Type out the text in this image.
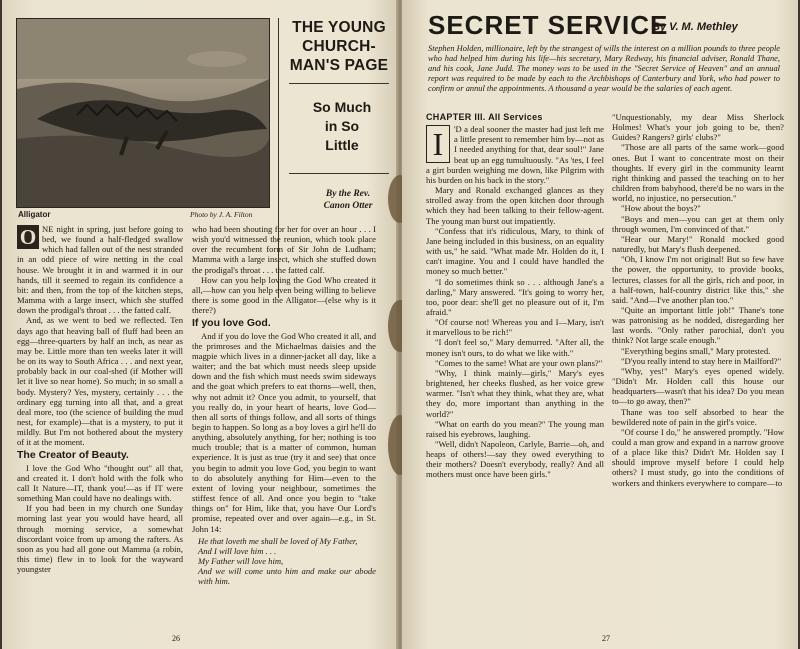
Alligator	Photo by J. A. Filton
THE YOUNG CHURCH-MAN'S PAGE
So Much in So Little
By the Rev. Canon Otter
O NE night in spring, just before going to bed, we found a half-fledged swallow which had fallen out of the nest stranded in an odd piece of wire netting in the coal house. We brought it in and warmed it in our hands, till it seemed to regain its confidence a bit: and then, from the top of the kitchen steps, Mamma with a large insect, which she stuffed down the prodigal's throat . . . the fatted calf.

And, as we went to bed we reflected. Ten days ago that heaving ball of fluff had been an egg—three-quarters by half an inch, as near as may be. Little more than ten weeks later it will be on its way to South Africa . . . and next year, probably back in our coal-shed (if Mother will let it live so near home). So much; in so small a body. Mystery? Yes, mystery, certainly . . . the ordinary egg turning into all that, and a great deal more, too (the science of building the mud nest, for example)—that is a mystery, to put it mildly. But I'm not bothered about the mystery of it at the moment.

The Creator of Beauty.

I love the God Who "thought out" all that, and created it. I don't hold with the folk who call It Nature—IT, thank you!—as if IT were something Man could have no dealings with.

If you had been in my church one Sunday morning last year you would have heard, all through morning service, a somewhat discordant voice from up among the rafters. As soon as you had all gone out Mamma (a robin, this time) flew in to look for the wayward youngster

who had been shouting for her for over an hour . . . I wish you'd witnessed the reunion, which took place over the recumbent form of Sir John de Ludham; Mamma with a large insect, which she stuffed down the prodigal's throat . . . the fatted calf.

How can you help loving the God Who created it all,—how can you help even being willing to believe there is some good in the Alligator—(else why is it there?)

If you love God.

And if you do love the God Who created it all, and the primroses and the Michaelmas daisies and the magpie which lives in a dinner-jacket all day, like a waiter; and the bat which must needs sleep upside down and the fish which must needs swim sideways and the goat which prefers to eat thorns—well, then, why not admit it? Once you admit, to yourself, that you really do, in your heart of hearts, love God—then all sorts of things follow, and all sorts of things begin to happen. So long as a boy loves a girl he'll do anything, absolutely anything, for her; nothing is too much trouble; that is a matter of common, human experience. It is just as true (try it and see) that once you begin to admit you love God, you begin to want to do absolutely anything for Him—even to the extent of loving your neighbour, sometimes the stiffest fence of all. And once you begin to "take things on" for Him, like that, you have Our Lord's promise, repeated over and over again—e.g., in St. John 14:

He that loveth me shall be loved of My Father,
And I will love him . . .
My Father will love him,
And we will come unto him and make our abode with him.
26
SECRET SERVICE
By V. M. Methley
Stephen Holden, millionaire, left by the strangest of wills the interest on a million pounds to three people who had helped him during his life—his secretary, Mary Redway, his financial adviser, Ronald Thane, and his cook, Jane Judd. The money was to be used in the "Secret Service of Heaven" and an annual report was required to be made by each to the Archbishops of Canterbury and York, who had power to confirm or annul the appointments. A thousand a year would be the salaries of each agent.
CHAPTER III. All Services
I	'D a deal sooner the master had just left me a little present to remember him by—not as I needed anything for that, dear soul!" Jane beat up an egg tumultuously. "As 'tes, I feel a girt burden weighing me down, like Pilgrim with his burden on his back in the story."

Mary and Ronald exchanged glances as they strolled away from the open kitchen door through which they had been talking to their fellow-agent. The young man burst out impatiently.

"Confess that it's ridiculous, Mary, to think of Jane being included in this business, on an equality with us," he said. "What made Mr. Holden do it, I can't imagine. You and I could have handled the money so much better."

"I do sometimes think so . . . although Jane's a darling," Mary answered. "It's going to worry her, too, poor dear: she'll get no pleasure out of it, I'm afraid."

"Of course not! Whereas you and I—Mary, isn't it marvellous to be rich!"

"I don't feel so," Mary demurred. "After all, the money isn't ours, to do what we like with."

"Comes to the same! What are your own plans?"

"Why, I think mainly—girls," Mary's eyes brightened, her cheeks flushed, as her voice grew warmer. "Isn't what they think, what they are, what they do, more important than anything in the world?"

"What on earth do you mean?" The young man raised his eyebrows, laughing.

"Well, didn't Napoleon, Carlyle, Barrie—oh, and heaps of others!—say they owed everything to their mothers? Doesn't everybody, really? And all mothers must once have been girls."

"Unquestionably, my dear Miss Sherlock Holmes! What's your job going to be, then? Guides? Rangers? girls' clubs?"

"Those are all parts of the same work—good ones. But I want to concentrate most on their thoughts. If every girl in the community learnt right thinking and passed the teaching on to her children from babyhood, there'd be no wars in the world, no injustice, no persecution."

"How about the boys?"

"Boys and men—you can get at them only through women, I'm convinced of that."

"Hear our Mary!" Ronald mocked good naturedly, but Mary's flush deepened.

"Oh, I know I'm not original! But so few have the power, the opportunity, to provide books, lectures, classes for all the girls, rich and poor, in a half-town, half-country district like this," she said. "And—I've another plan too."

"Quite an important little job!" Thane's tone was patronising as he nodded, disregarding her last words. "Only rather parochial, don't you think? Not large scale enough."

"Everything begins small," Mary protested.

"D'you really intend to stay here in Mailford?"

"Why, yes!" Mary's eyes opened widely. "Didn't Mr. Holden call this house our headquarters—wasn't that his idea? Do you mean to—to go away, then?"

Thane was too self absorbed to hear the bewildered note of pain in the girl's voice.

"Of course I do," he answered promptly. "How could a man grow and expand in a narrow groove of a place like this? Didn't Mr. Holden say I should improve myself before I could help others? I must study, go into the conditions of workers and thinkers everywhere to compare—to

27
